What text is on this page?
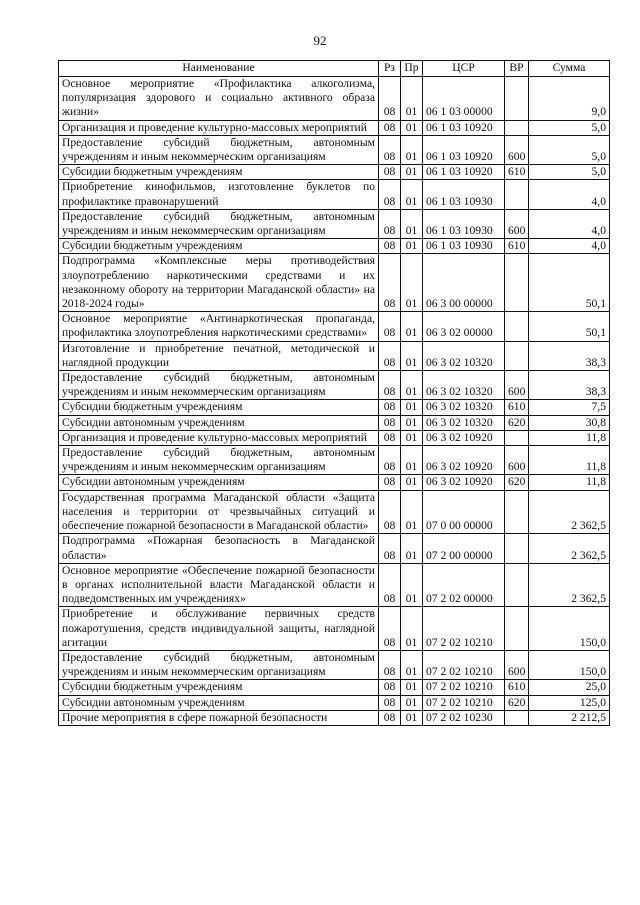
92
Наименование	Рз	Пр	ЦСР	ВР	Сумма
Основное мероприятие «Профилактика алкоголизма, популяризация здорового и социально активного образа жизни»	08	01	06 1 03 00000		9,0
Организация и проведение культурно-массовых мероприятий	08	01	06 1 03 10920		5,0
Предоставление субсидий бюджетным, автономным учреждениям и иным некоммерческим организациям	08	01	06 1 03 10920	600	5,0
Субсидии бюджетным учреждениям	08	01	06 1 03 10920	610	5,0
Приобретение кинофильмов, изготовление буклетов по профилактике правонарушений	08	01	06 1 03 10930		4,0
Предоставление субсидий бюджетным, автономным учреждениям и иным некоммерческим организациям	08	01	06 1 03 10930	600	4,0
Субсидии бюджетным учреждениям	08	01	06 1 03 10930	610	4,0
Подпрограмма «Комплексные меры противодействия злоупотреблению наркотическими средствами и их незаконному обороту на территории Магаданской области» на 2018-2024 годы»	08	01	06 3 00 00000		50,1
Основное мероприятие «Антинаркотическая пропаганда, профилактика злоупотребления наркотическими средствами»	08	01	06 3 02 00000		50,1
Изготовление и приобретение печатной, методической и наглядной продукции	08	01	06 3 02 10320		38,3
Предоставление субсидий бюджетным, автономным учреждениям и иным некоммерческим организациям	08	01	06 3 02 10320	600	38,3
Субсидии бюджетным учреждениям	08	01	06 3 02 10320	610	7,5
Субсидии автономным учреждениям	08	01	06 3 02 10320	620	30,8
Организация и проведение культурно-массовых мероприятий	08	01	06 3 02 10920		11,8
Предоставление субсидий бюджетным, автономным учреждениям и иным некоммерческим организациям	08	01	06 3 02 10920	600	11,8
Субсидии автономным учреждениям	08	01	06 3 02 10920	620	11,8
Государственная программа Магаданской области «Защита населения и территории от чрезвычайных ситуаций и обеспечение пожарной безопасности в Магаданской области»	08	01	07 0 00 00000		2 362,5
Подпрограмма «Пожарная безопасность в Магаданской области»	08	01	07 2 00 00000		2 362,5
Основное мероприятие «Обеспечение пожарной безопасности в органах исполнительной власти Магаданской области и подведомственных им учреждениях»	08	01	07 2 02 00000		2 362,5
Приобретение и обслуживание первичных средств пожаротушения, средств индивидуальной защиты, наглядной агитации	08	01	07 2 02 10210		150,0
Предоставление субсидий бюджетным, автономным учреждениям и иным некоммерческим организациям	08	01	07 2 02 10210	600	150,0
Субсидии бюджетным учреждениям	08	01	07 2 02 10210	610	25,0
Субсидии автономным учреждениям	08	01	07 2 02 10210	620	125,0
Прочие мероприятия в сфере пожарной безопасности	08	01	07 2 02 10230		2 212,5
